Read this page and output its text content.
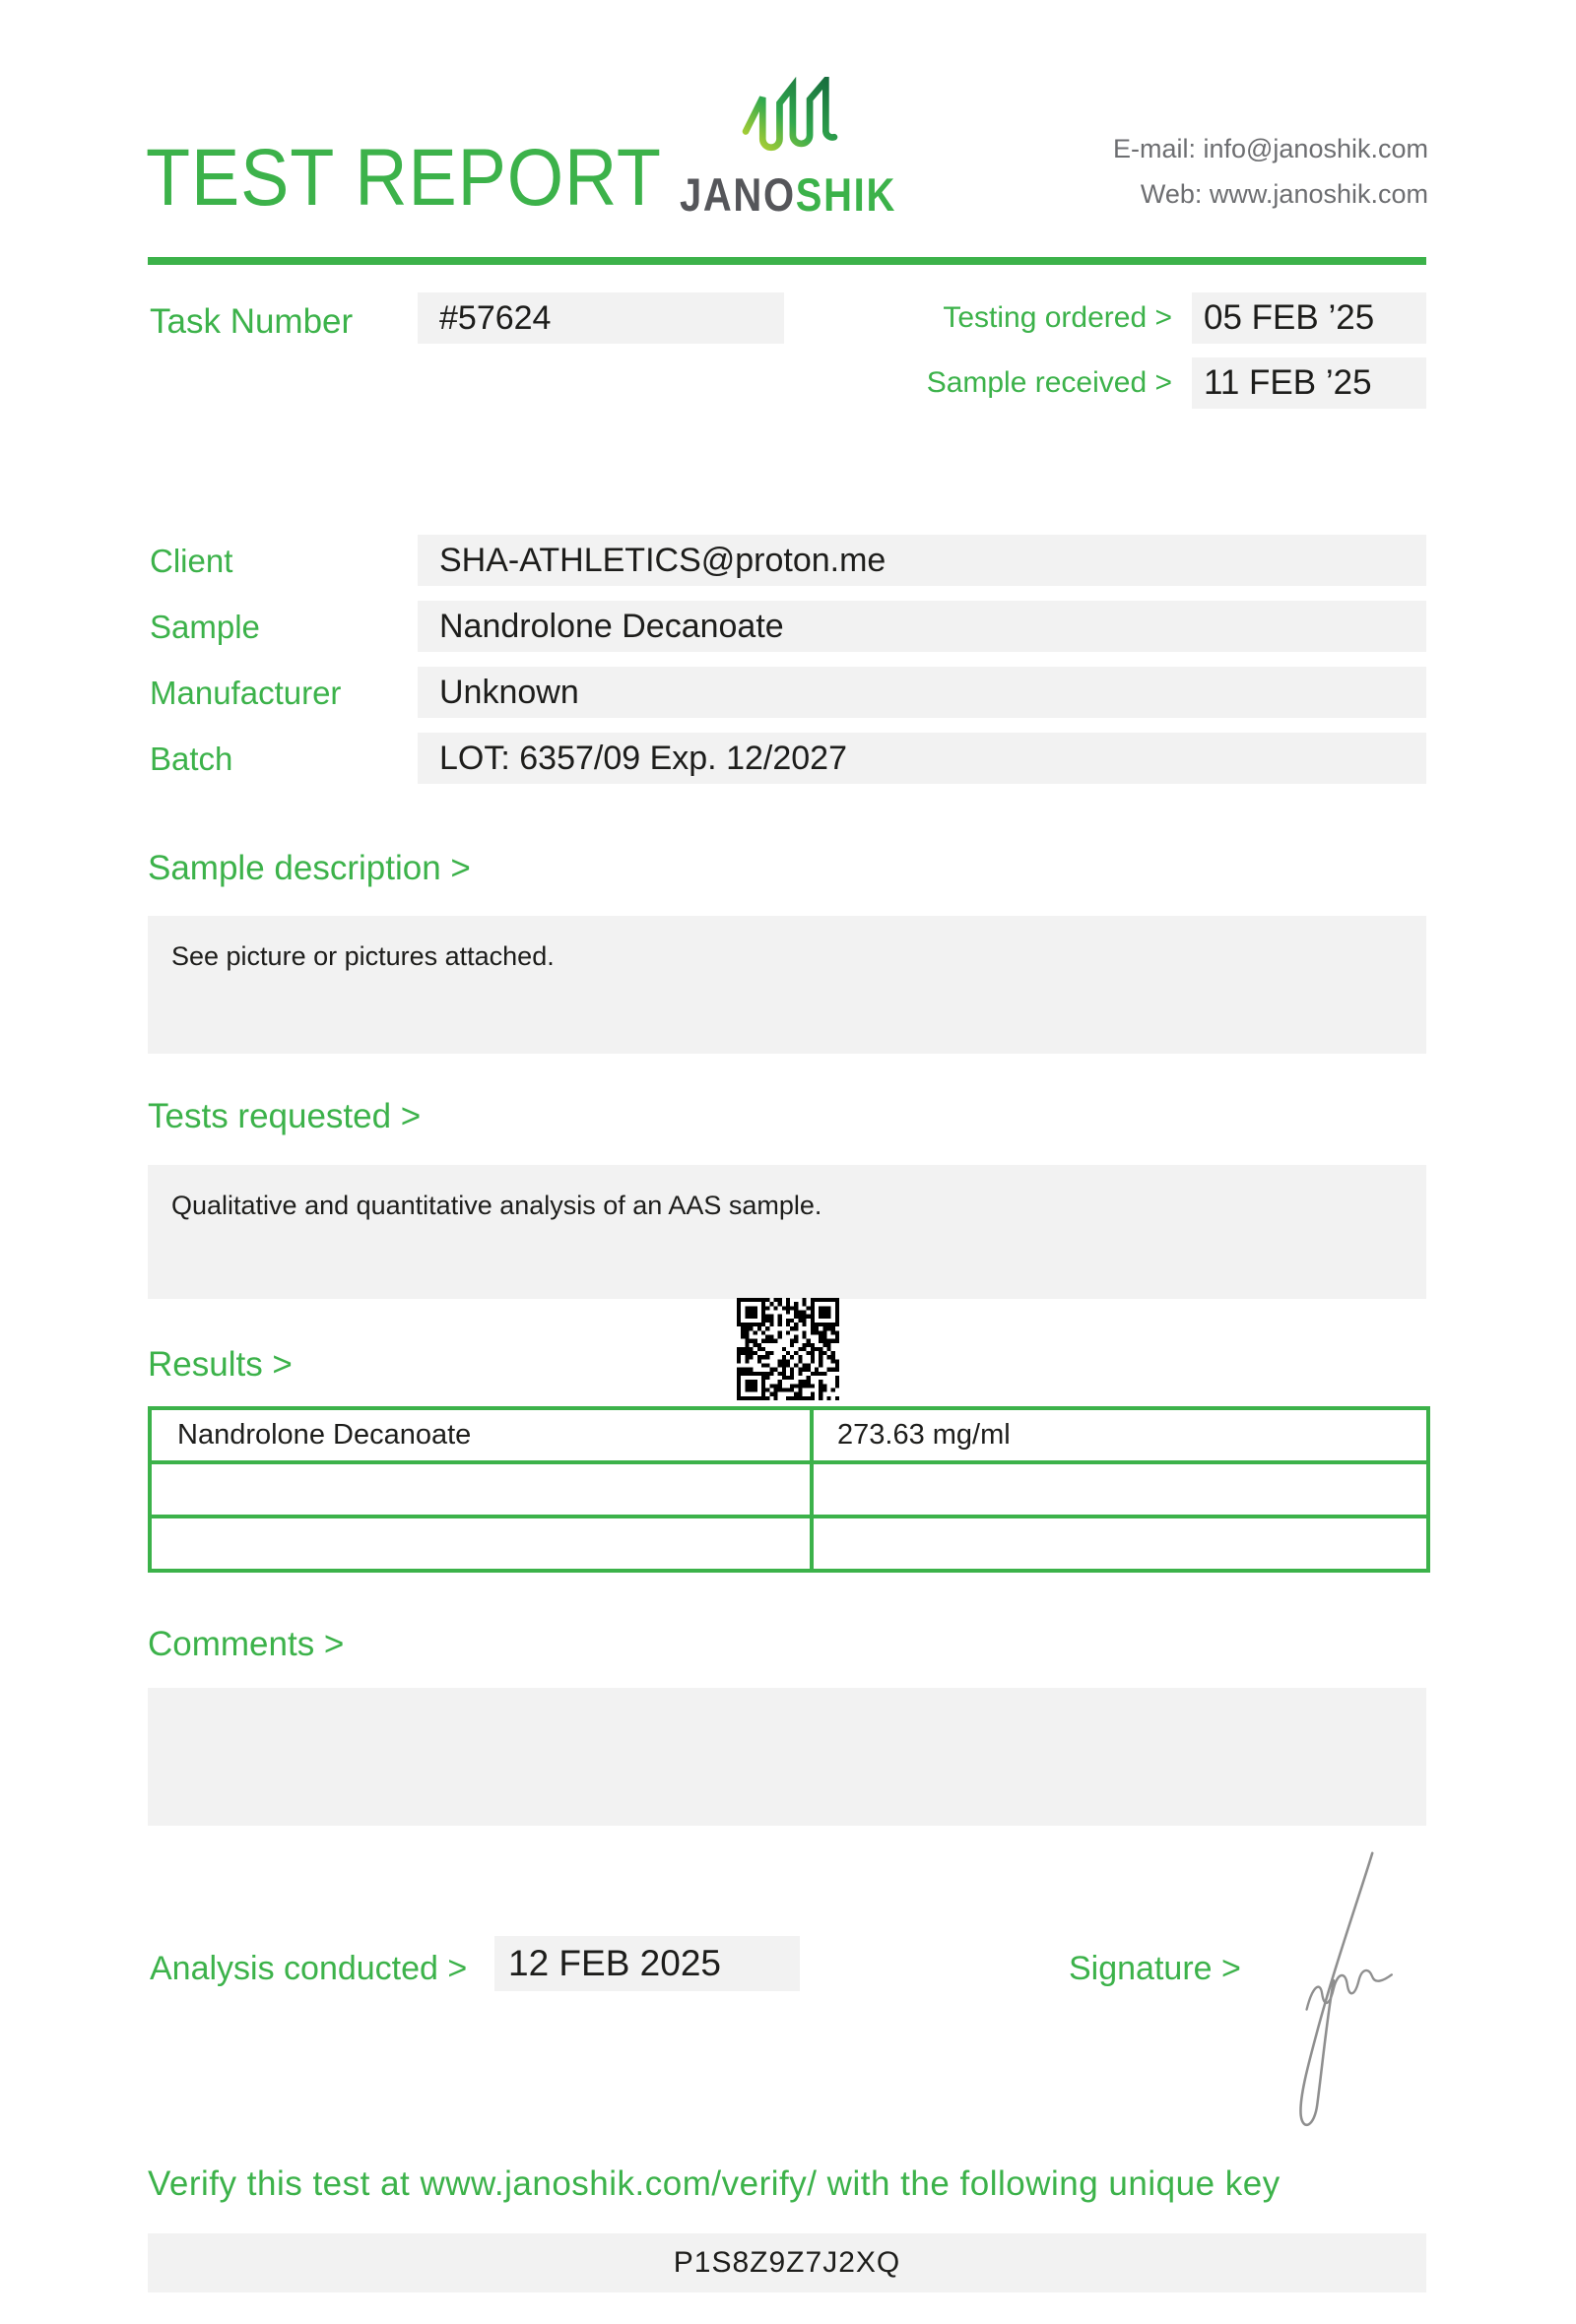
TEST REPORT JANOSHIK
E-mail: info@janoshik.com
Web: www.janoshik.com
Task Number	#57624	Testing ordered > 05 FEB ’25
Sample received > 11 FEB ’25
Client	SHA-ATHLETICS@proton.me
Sample	Nandrolone Decanoate
Manufacturer	Unknown
Batch	LOT: 6357/09 Exp. 12/2027
Sample description >
See picture or pictures attached.
Tests requested >
Qualitative and quantitative analysis of an AAS sample.
Results >
Nandrolone Decanoate	273.63 mg/ml
Comments >
Analysis conducted >	12 FEB 2025	Signature >
Verify this test at www.janoshik.com/verify/ with the following unique key
P1S8Z9Z7J2XQ
